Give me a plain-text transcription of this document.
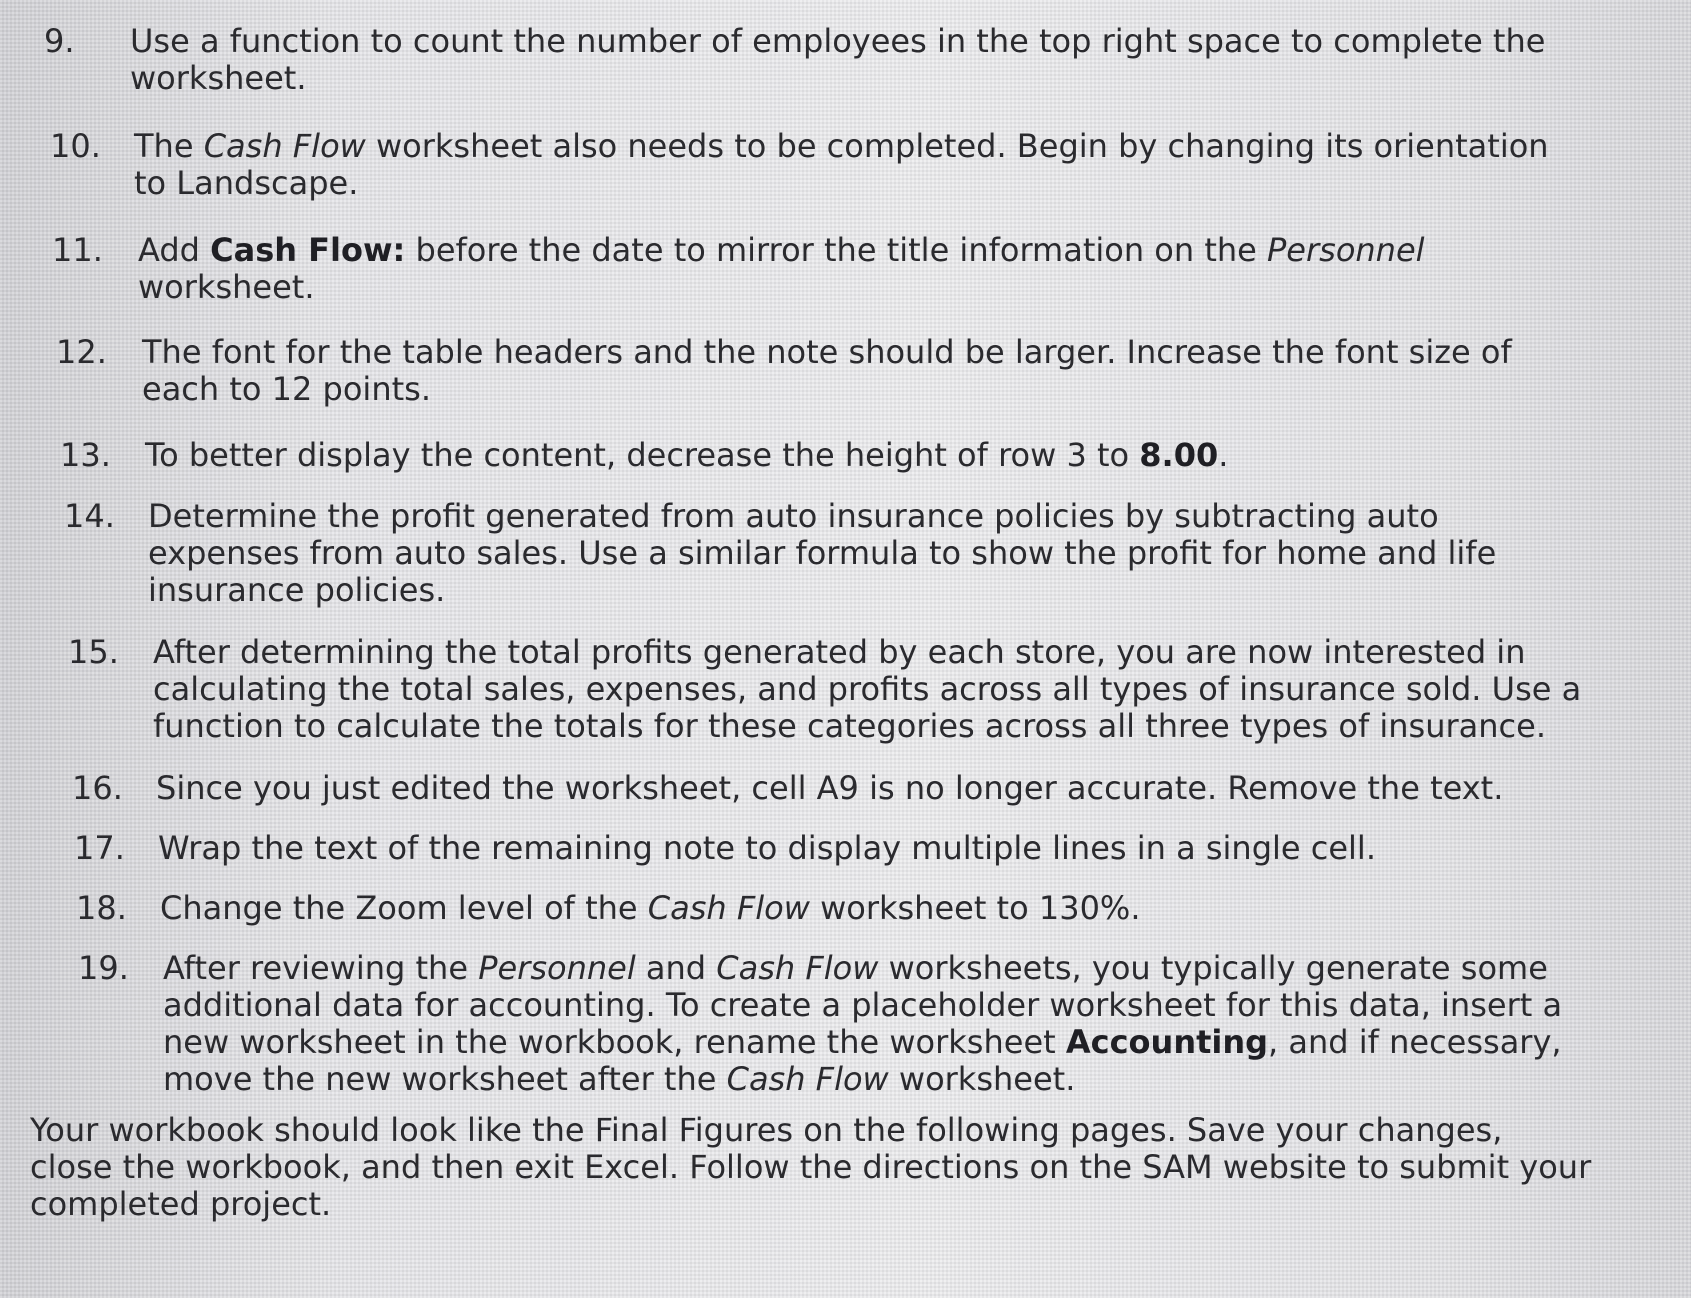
9. Use a function to count the number of employees in the top right space to complete the
worksheet.
10. The Cash Flow worksheet also needs to be completed. Begin by changing its orientation
to Landscape.
11. Add Cash Flow: before the date to mirror the title information on the Personnel
worksheet.
12. The font for the table headers and the note should be larger. Increase the font size of
each to 12 points.
13. To better display the content, decrease the height of row 3 to 8.00.
14. Determine the profit generated from auto insurance policies by subtracting auto
expenses from auto sales. Use a similar formula to show the profit for home and life
insurance policies.
15. After determining the total profits generated by each store, you are now interested in
calculating the total sales, expenses, and profits across all types of insurance sold. Use a
function to calculate the totals for these categories across all three types of insurance.
16. Since you just edited the worksheet, cell A9 is no longer accurate. Remove the text.
17. Wrap the text of the remaining note to display multiple lines in a single cell.
18. Change the Zoom level of the Cash Flow worksheet to 130%.
19. After reviewing the Personnel and Cash Flow worksheets, you typically generate some
additional data for accounting. To create a placeholder worksheet for this data, insert a
new worksheet in the workbook, rename the worksheet Accounting, and if necessary,
move the new worksheet after the Cash Flow worksheet.
Your workbook should look like the Final Figures on the following pages. Save your changes,
close the workbook, and then exit Excel. Follow the directions on the SAM website to submit your
completed project.
